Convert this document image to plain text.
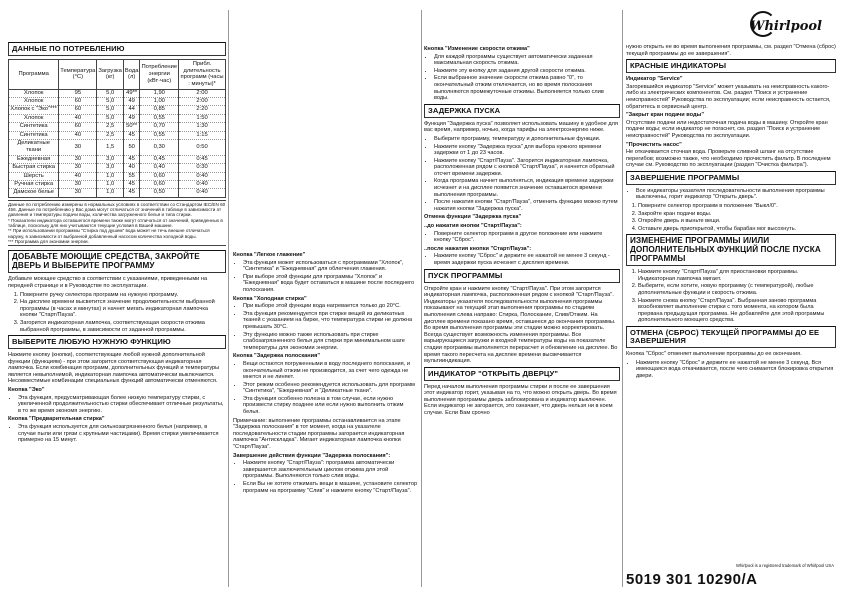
Whirlpool
ДАННЫЕ ПО ПОТРЕБЛЕНИЮ
Программа	Температура (°C)	Загрузка (кг)	Вода (л)	Потребление энергии (кВт·час)	Прибл. длительность программ (часы : минуты)*
Хлопок	95	5,0	49**	1,90	2:00
Хлопок	60	5,0	49	1,00	2:00
Хлопок с "Эко"***	60	5,0	44	0,85	2:20
Хлопок	40	5,0	49	0,55	1:50
Синтетика	60	2,5	50**	0,70	1:30
Синтетика	40	2,5	45	0,55	1:15
Деликатные ткани	30	1,5	50	0,30	0:50
Ежедневная	30	3,0	45	0,45	0:45
Быстрая стирка	30	3,0	40	0,40	0:30
Шерсть	40	1,0	55	0,60	0:40
Ручная стирка	30	1,0	45	0,60	0:40
Дамское белье	30	1,0	45	0,50	0:40

Данные по потреблению измерены в нормальных условиях в соответствии со Стандартом IEC/EN 60 456. Данные по потреблению у Вас дома могут отличаться от значений в таблице в зависимости от давления и температуры подачи воды, количества загруженного белья и типа стирки.

* Показатели индикатора оставшегося времени также могут отличаться от значений, приведенных в таблице, поскольку для них учитываются текущие условия в Вашей машине.

** При использовании программы "Стирка под душем" вода может не течь внешне отличаться наружу, в зависимости от выбранной добавленный насосом количества холодной воды.

*** Программа для экономии энергии.

ДОБАВЬТЕ МОЮЩИЕ СРЕДСТВА, ЗАКРОЙТЕ ДВЕРЬ И ВЫБЕРИТЕ ПРОГРАММУ

Добавьте моющее средство в соответствии с указаниями, приведенными на передней странице и в Руководстве по эксплуатации.

1. Поверните ручку селектора программ на нужную программу.
2. На дисплее времени высветится значение продолжительности выбранной программы (в часах и минутах) и начнет мигать индикаторная лампочка кнопки "Старт/Пауза".
3. Загорится индикаторная лампочка, соответствующая скорости отжима выбранной программы, в зависимости от заданной программы.
ВЫБЕРИТЕ ЛЮБУЮ НУЖНУЮ ФУНКЦИЮ

Нажмите кнопку (кнопки), соответствующие любой нужной дополнительной функции (функциям) - при этом загорится соответствующая индикаторная лампочка. Если комбинация программ, дополнительных функций и температуры является невыполнимой, индикаторная лампочка автоматически выключается. Несовместимые комбинации специальных функций автоматически отменяются.

Кнопка "Эко"
• Эта функция, предусматривающая более низкую температуру стирки, с увеличенной продолжительностью стирки обеспечивает отличные результаты, в то же время экономя энергию.
Кнопка "Предварительная стирка"
• Эта функция используется для сильнозагрязненного белья (например, в случае пыли или грязи с крупными частицами). Время стирки увеличивается примерно на 15 минут.
Кнопка "Легкое глажение"
• Эта функция может использоваться с программами "Хлопок", "Синтетика" и "Ежедневная" для облегчения глажения.
• При выборе этой функции для программы "Хлопок" и "Ежедневная" вода будет оставаться в машине после последнего полоскания.
Кнопка "Холодная стирка"
• При выборе этой функции вода нагревается только до 20°С.
• Эта функция рекомендуется при стирке вещей из деликатных тканей с указанием на бирке, что температура стирки не должна превышать 30°С.
• Эту функцию можно также использовать при стирке слабозагрязненного белья для стирки при минимальном шаге температуры для экономии энергии.
Кнопка "Задержка полоскания"
• Вещи остаются погруженными в воду последнего полоскания, и окончательный отжим не производится, за счет чего одежда не мнется и не линяет.
• Этот режим особенно рекомендуется использовать для программ "Синтетика", "Ежедневная" и "Деликатные ткани".
• Эта функция особенно полезна в том случае, если нужно произвести стирку позднее или если нужно выполнить отжим белья.

Примечание: выполнение программы останавливается на этапе "Задержка полоскания" в тот момент, когда на указателе последовательности стадии программы загорается индикаторная лампочка "Антискладка". Мигает индикаторная лампочка кнопки "Старт/Пауза".

Завершение действия функции "Задержка полоскания":
• Нажмите кнопку "Старт/Пауза": программа автоматически завершается заключительным циклом отжима для этой программы. Выполняются только слив воды.
• Если Вы не хотите отжимать вещи в машине, установите селектор программ на программу "Слив" и нажмите кнопку "Старт/Пауза".
Кнопка "Изменение скорости отжима"
• Для каждой программы существует автоматически заданная максимальная скорость отжима.
• Нажмите эту кнопку для задания другой скорости отжима.
• Если выбранное значение скорости отжима равно "0", то окончательный отжим отключается, но во время полоскания выполняются промежуточные отжимы. Выполняется только слив воды.
ЗАДЕРЖКА ПУСКА

Функция "Задержка пуска" позволяет использовать машину в удобное для вас время, например, ночью, когда тарифы на электроэнергию ниже.

• Выберите программу, температуру и дополнительные функции.
• Нажмите кнопку "Задержка пуска" для выбора нужного времени задержки от 1 до 23 часов.
• Нажмите кнопку "Старт/Пауза". Загорится индикаторная лампочка, расположенная рядом с кнопкой "Старт/Пауза", и начнется обратный отсчет времени задержки.
• Когда программа начнет выполняться, индикация времени задержки исчезнет и на дисплее появится значение оставшегося времени выполнения программы.
• После нажатия кнопки "Старт/Пауза", отменить функцию можно путем нажатия кнопки "Задержка пуска".
Отмена функции "Задержка пуска"
..до нажатия кнопки "Старт/Пауза":
• Поверните селектор программ в другое положение или нажмите кнопку "Сброс".
..после нажатия кнопки "Старт/Пауза":
• Нажмите кнопку "Сброс" и держите ее нажатой не менее 3 секунд - время задержки пуска исчезнет с дисплея времени.
ПУСК ПРОГРАММЫ

Откройте кран и нажмите кнопку "Старт/Пауза". При этом загорится индикаторная лампочка, расположенная рядом с кнопкой "Старт/Пауза". Индикаторы указателя последовательности выполнения программы показывают на текущий этап выполнения программы по стадиям выполнения слева направо: Стирка, Полоскание, Слив/Отжим. На дисплее времени показано время, оставшееся до окончания программы. Во время выполнения программы эти стадии можно корректировать. Всегда существует возможность изменения программы. Все варьирующиеся загрузки и входной температуры воды на показателе стадии программы выполняется перерасчет и обновление на дисплее. Во время такого пересчета на дисплее времени высвечивается мультииндикация.

ИНДИКАТОР "ОТКРЫТЬ ДВЕРЦУ"

Перед началом выполнения программы стирки и после ее завершения этот индикатор горит, указывая на то, что можно открыть дверь. Во время выполнения программы дверь заблокирована и индикатор выключен. Если индикатор не загорается, это означает, что дверь нельзя ни в коем случае. Если Вам срочно

нужно открыть ее во время выполнения программы, см. раздел "Отмена (сброс) текущей программы до ее завершения".

КРАСНЫЕ ИНДИКАТОРЫ
Индикатор "Service"

Загоревшийся индикатор "Service" может указывать на неисправность какого-либо из электрических компонентов. См. раздел "Поиск и устранение неисправностей" Руководства по эксплуатации; если неисправность остается, обратитесь в сервисный центр.

"Закрыт кран подачи воды"

Отсутствие подачи или недостаточная подача воды в машину. Откройте кран подачи воды; если индикатор не погаснет, см. раздел "Поиск и устранение неисправностей" Руководства по эксплуатации.

"Прочистить насос"

Не откачивается сточная вода. Проверьте сливной шланг на отсутствие перегибов; возможно также, что необходимо прочистить фильтр. В последнем случае см. Руководство по эксплуатации (раздел "Очистка фильтра").

ЗАВЕРШЕНИЕ ПРОГРАММЫ
• Все индикаторы указателя последовательности выполнения программы выключены, горит индикатор "Открыть дверь".
1. Поверните селектор программ в положение "Выкл/0".
2. Закройте кран подачи воды.
3. Откройте дверь и выньте вещи.
4. Оставьте дверь приоткрытой, чтобы барабан мог высохнуть.
ИЗМЕНЕНИЕ ПРОГРАММЫ И/ИЛИ ДОПОЛНИТЕЛЬНЫХ ФУНКЦИЙ ПОСЛЕ ПУСКА ПРОГРАММЫ
1. Нажмите кнопку "Старт/Пауза" для приостановки программы. Индикаторная лампочка мигает.
2. Выберите, если хотите, новую программу (с температурой), любые дополнительные функции и скорость отжима.
3. Нажмите снова кнопку "Старт/Пауза". Выбранная заново программа возобновляет выполнение стирки с того момента, на котором была прервана предыдущая программа. Не добавляйте для этой программы дополнительного моющего средства.
ОТМЕНА (СБРОС) ТЕКУЩЕЙ ПРОГРАММЫ ДО ЕЕ ЗАВЕРШЕНИЯ

Кнопка "Сброс" отменяет выполнение программы до ее окончания.

• Нажмите кнопку "Сброс" и держите ее нажатой не менее 3 секунд. Вся имеющаяся вода откачивается, после чего снимается блокировка открытия двери.
Whirlpool is a registered trademark of Whirlpool USA
5019 301 10290/A
